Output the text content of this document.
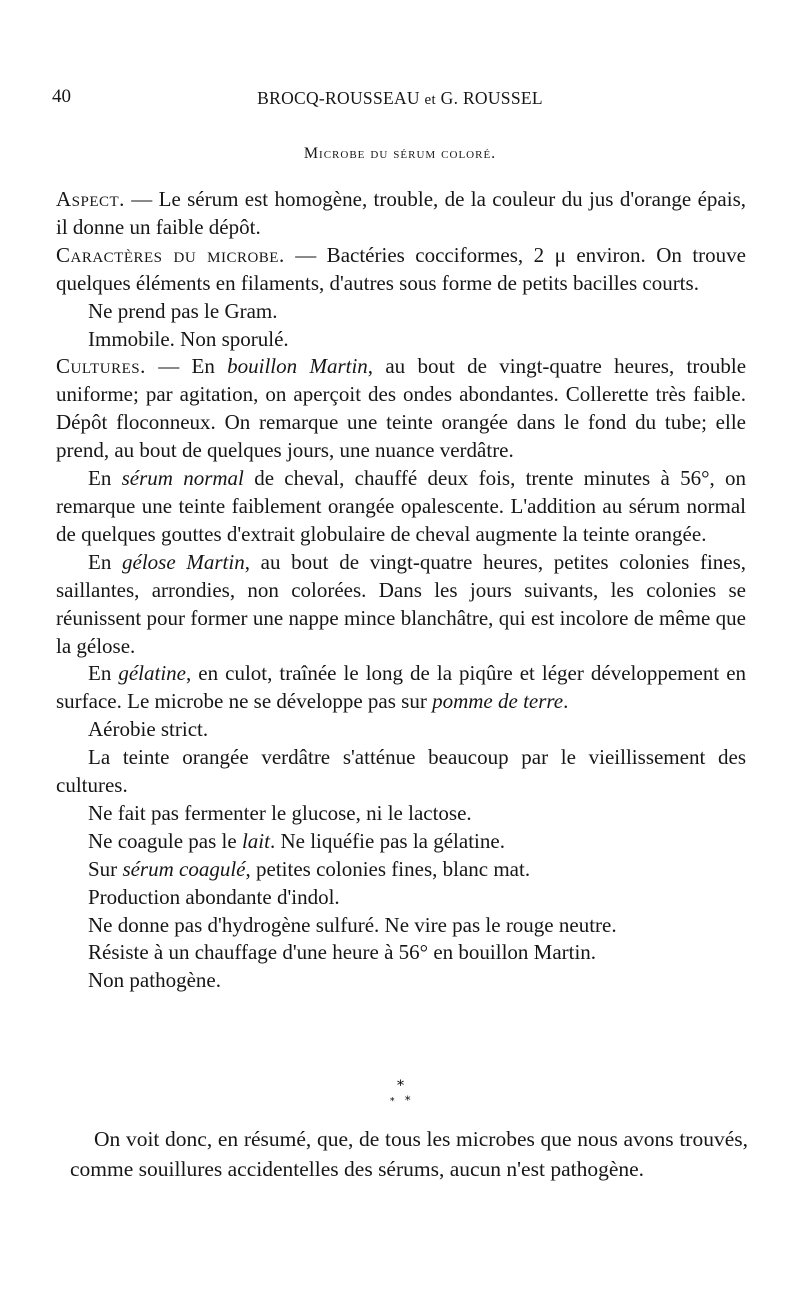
40	BROCQ-ROUSSEAU et G. ROUSSEL
Microbe du sérum coloré.

Aspect. — Le sérum est homogène, trouble, de la couleur du jus d'orange épais, il donne un faible dépôt.

Caractères du microbe. — Bactéries cocciformes, 2 μ environ. On trouve quelques éléments en filaments, d'autres sous forme de petits bacilles courts.

Ne prend pas le Gram.

Immobile. Non sporulé.

Cultures. — En bouillon Martin, au bout de vingt-quatre heures, trouble uniforme; par agitation, on aperçoit des ondes abondantes. Collerette très faible. Dépôt floconneux. On remarque une teinte orangée dans le fond du tube; elle prend, au bout de quelques jours, une nuance verdâtre.

En sérum normal de cheval, chauffé deux fois, trente minutes à 56°, on remarque une teinte faiblement orangée opalescente. L'addition au sérum normal de quelques gouttes d'extrait globulaire de cheval augmente la teinte orangée.

En gélose Martin, au bout de vingt-quatre heures, petites colonies fines, saillantes, arrondies, non colorées. Dans les jours suivants, les colonies se réunissent pour former une nappe mince blanchâtre, qui est incolore de même que la gélose.

En gélatine, en culot, traînée le long de la piqûre et léger développement en surface. Le microbe ne se développe pas sur pomme de terre.

Aérobie strict.

La teinte orangée verdâtre s'atténue beaucoup par le vieillissement des cultures.

Ne fait pas fermenter le glucose, ni le lactose.

Ne coagule pas le lait. Ne liquéfie pas la gélatine.

Sur sérum coagulé, petites colonies fines, blanc mat.

Production abondante d'indol.

Ne donne pas d'hydrogène sulfuré. Ne vire pas le rouge neutre.

Résiste à un chauffage d'une heure à 56° en bouillon Martin.

Non pathogène.

*
* *

On voit donc, en résumé, que, de tous les microbes que nous avons trouvés, comme souillures accidentelles des sérums, aucun n'est pathogène.
